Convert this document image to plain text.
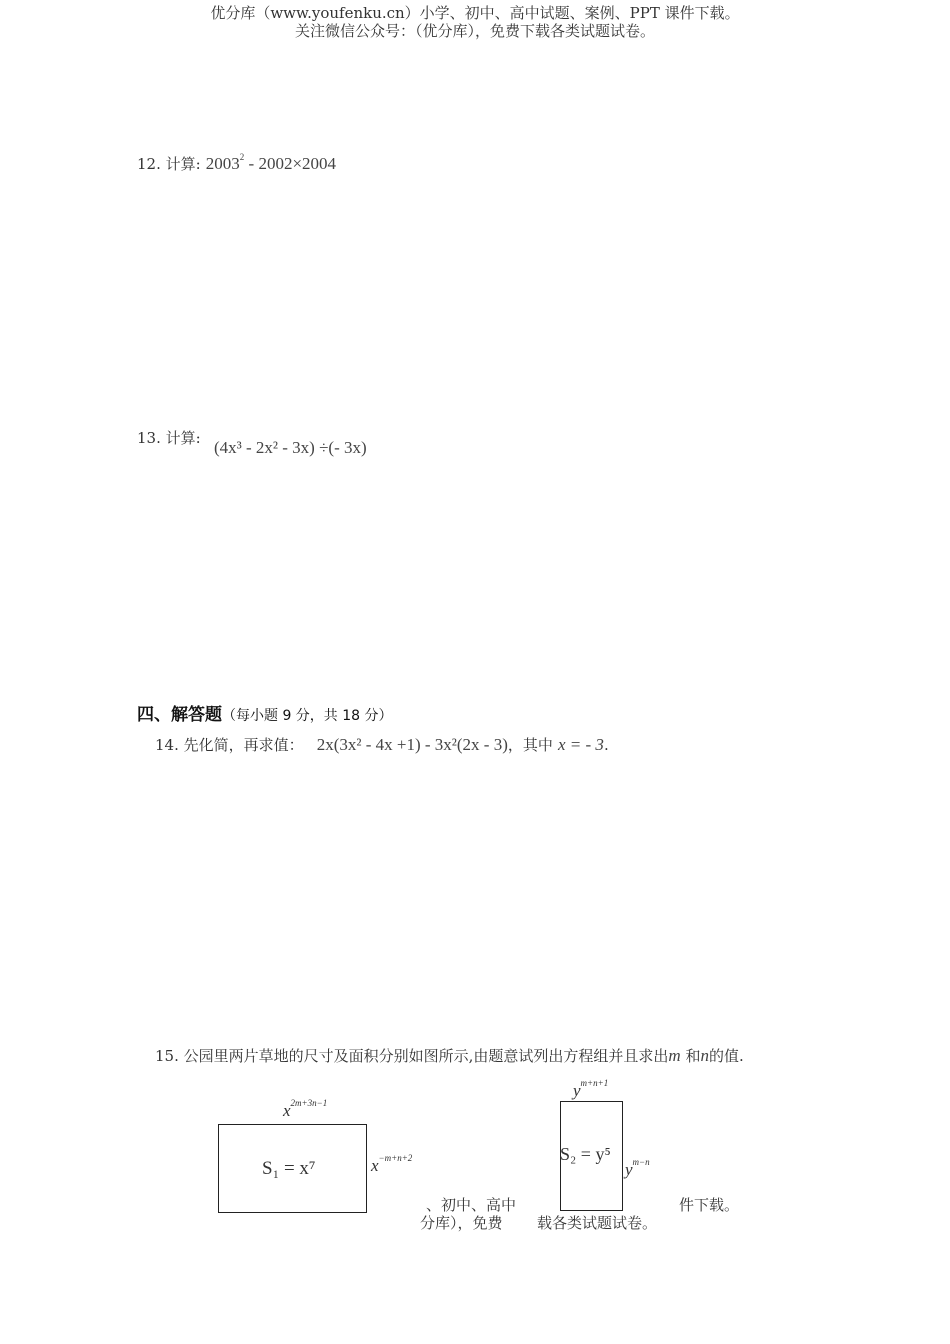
优分库（www.youfenku.cn）小学、初中、高中试题、案例、PPT 课件下载。
关注微信公众号：（优分库），免费下载各类试题试卷。
12. 计算: 2003$^2$ - 2002×2004
13. 计算: (4x³ - 2x² - 3x) ÷(- 3x)
四、解答题（每小题 9 分，共 18 分）
14. 先化简，再求值： 2x(3x² - 4x +1) - 3x²(2x - 3)，其中 x = - 3.
15. 公园里两片草地的尺寸及面积分别如图所示,由题意试列出方程组并且求出m 和n的值.
$x^{2m+3n-1}$
S₁ = x⁷	$x^{-m+n+2}$
、初中、高中	件下载。
分库），免费 载各类试题试卷。
$y^{m+n+1}$
S₂ = y⁵
$y^{m-n}$
